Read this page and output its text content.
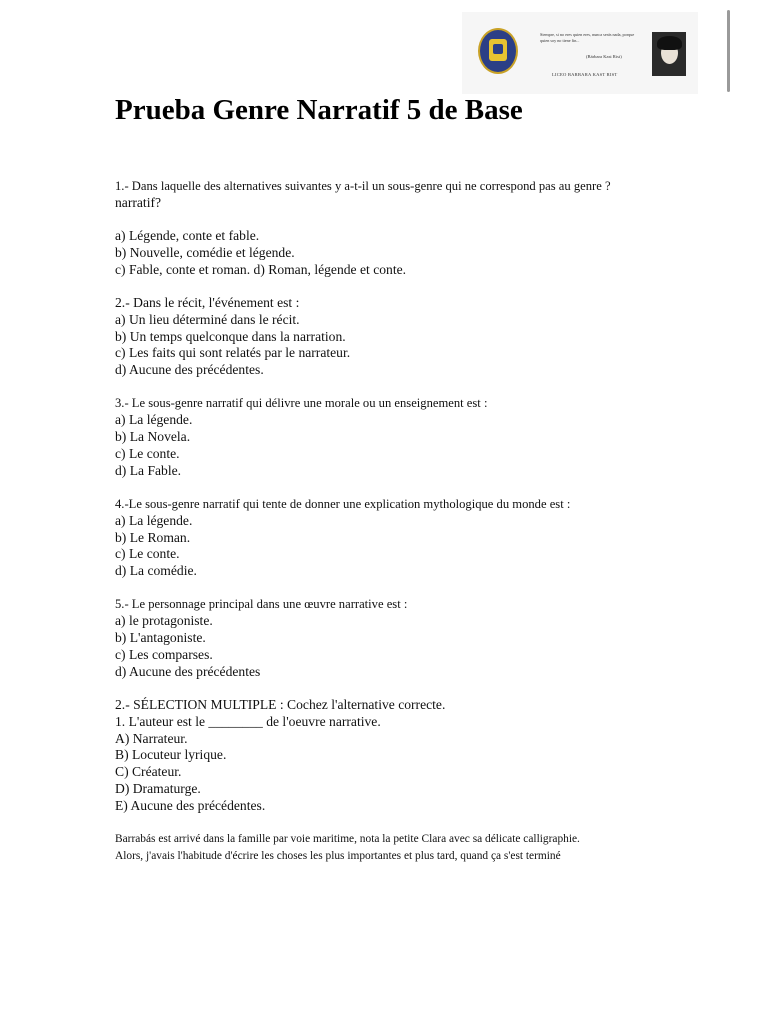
Siempre, si no eres quien eres, nunca serás nada, porque quien soy no tiene fin...
(Bárbara Kast Rist)
LICEO BARBARA KAST RIST
Prueba Genre Narratif 5 de Base
1.- Dans laquelle des alternatives suivantes y a-t-il un sous-genre qui ne correspond pas au genre ?
narratif?
a) Légende, conte et fable.
b) Nouvelle, comédie et légende.
c) Fable, conte et roman. d) Roman, légende et conte.
2.- Dans le récit, l'événement est :
a) Un lieu déterminé dans le récit.
b) Un temps quelconque dans la narration.
c) Les faits qui sont relatés par le narrateur.
d) Aucune des précédentes.
3.- Le sous-genre narratif qui délivre une morale ou un enseignement est :
a) La légende.
b) La Novela.
c) Le conte.
d) La Fable.
4.-Le sous-genre narratif qui tente de donner une explication mythologique du monde est :
a) La légende.
b) Le Roman.
c) Le conte.
d) La comédie.
5.- Le personnage principal dans une œuvre narrative est :
a) le protagoniste.
b) L'antagoniste.
c) Les comparses.
d) Aucune des précédentes
2.- SÉLECTION MULTIPLE : Cochez l'alternative correcte.
1. L'auteur est le ________ de l'oeuvre narrative.
A) Narrateur.
B) Locuteur lyrique.
C) Créateur.
D) Dramaturge.
E) Aucune des précédentes.
Barrabás est arrivé dans la famille par voie maritime, nota la petite Clara avec sa délicate calligraphie.
Alors, j'avais l'habitude d'écrire les choses les plus importantes et plus tard, quand ça s'est terminé
